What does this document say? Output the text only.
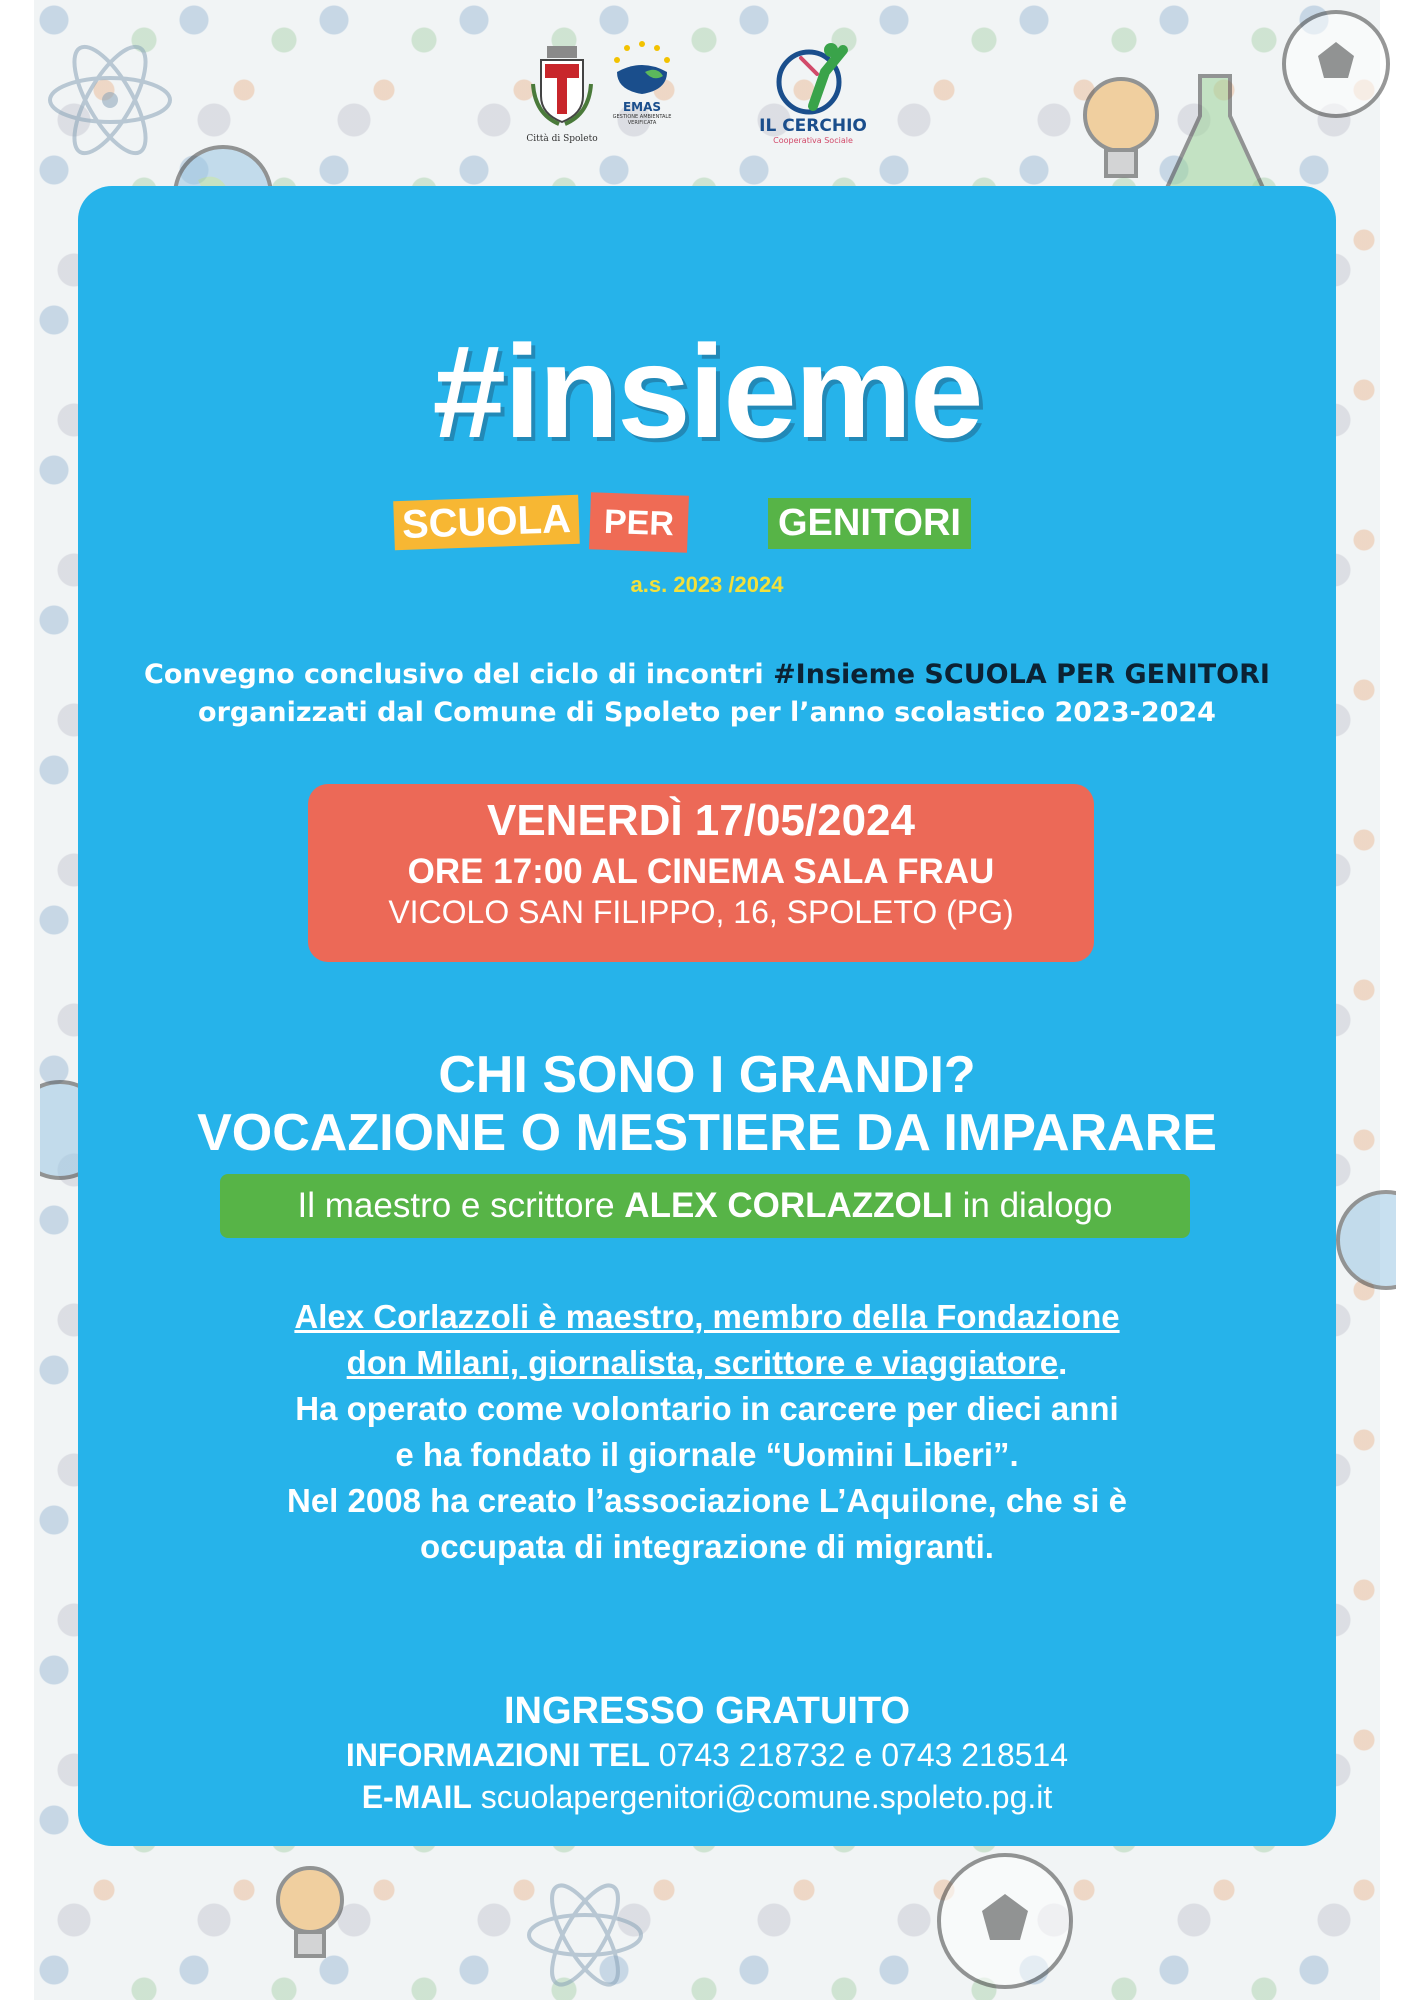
Città di Spoleto
EMAS
GESTIONE AMBIENTALE
VERIFICATA	IL CERCHIO
Cooperativa Sociale
#insieme
SCUOLA PER	GENITORI
a.s. 2023 /2024
Convegno conclusivo del ciclo di incontri #Insieme SCUOLA PER GENITORI
organizzati dal Comune di Spoleto per l’anno scolastico 2023-2024
VENERDÌ 17/05/2024
ORE 17:00 AL CINEMA SALA FRAU
VICOLO SAN FILIPPO, 16, SPOLETO (PG)
CHI SONO I GRANDI?
VOCAZIONE O MESTIERE DA IMPARARE
Il maestro e scrittore ALEX CORLAZZOLI in dialogo
Alex Corlazzoli è maestro, membro della Fondazione
don Milani, giornalista, scrittore e viaggiatore.
Ha operato come volontario in carcere per dieci anni
e ha fondato il giornale “Uomini Liberi”.
Nel 2008 ha creato l’associazione L’Aquilone, che si è
occupata di integrazione di migranti.
INGRESSO GRATUITO
INFORMAZIONI TEL 0743 218732 e 0743 218514
E-MAIL scuolapergenitori@comune.spoleto.pg.it
